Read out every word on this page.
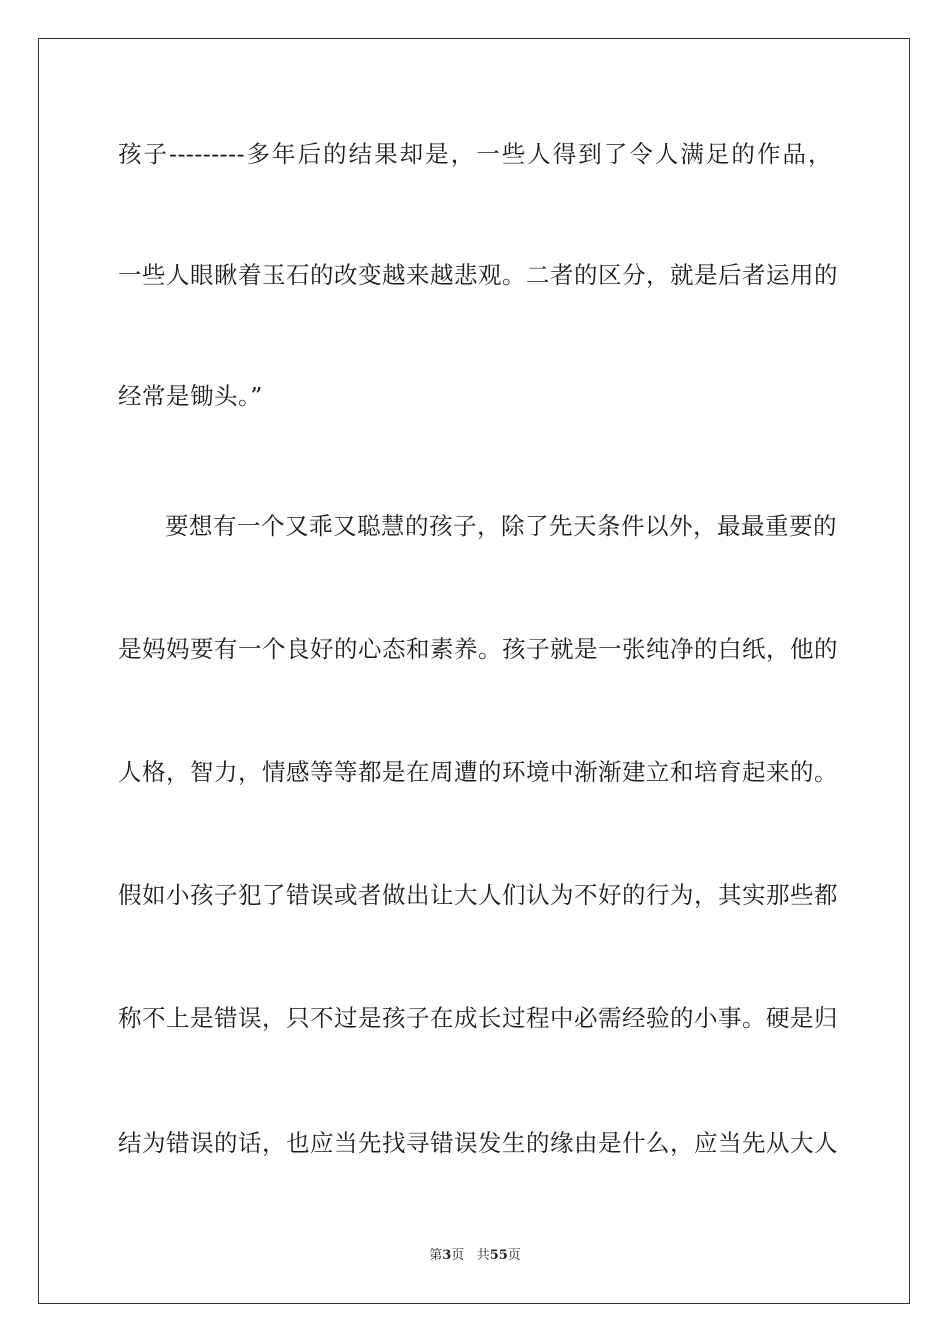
孩子---------多年后的结果却是，一些人得到了令人满足的作品，
一些人眼瞅着玉石的改变越来越悲观。二者的区分，就是后者运用的
经常是锄头。”
要想有一个又乖又聪慧的孩子，除了先天条件以外，最最重要的
是妈妈要有一个良好的心态和素养。孩子就是一张纯净的白纸，他的
人格，智力，情感等等都是在周遭的环境中渐渐建立和培育起来的。
假如小孩子犯了错误或者做出让大人们认为不好的行为，其实那些都
称不上是错误，只不过是孩子在成长过程中必需经验的小事。硬是归
结为错误的话，也应当先找寻错误发生的缘由是什么，应当先从大人
第3页 共55页
